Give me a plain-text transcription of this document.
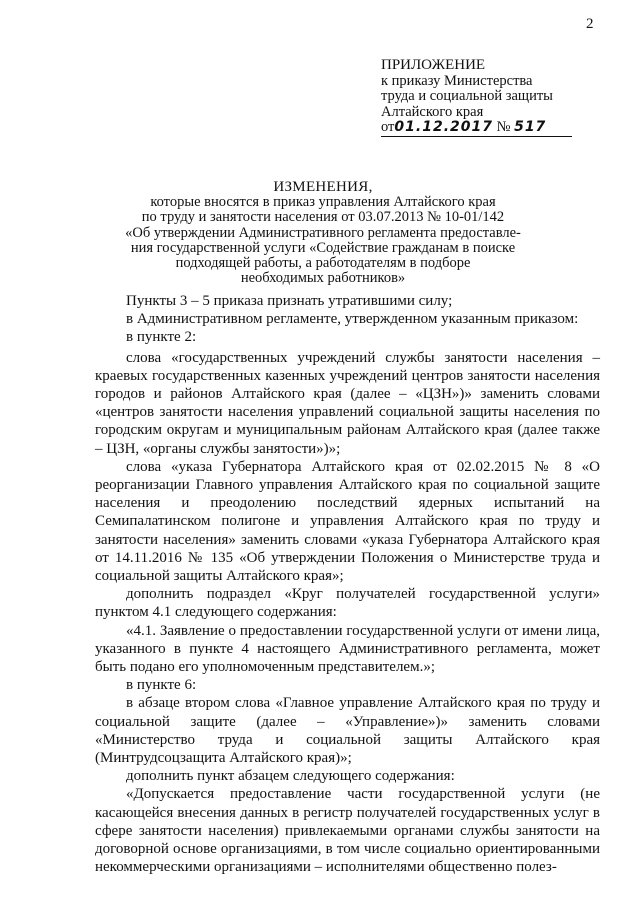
2
ПРИЛОЖЕНИЕ
к приказу Министерства
труда и социальной защиты
Алтайского края
от01.12.2017 № 517
ИЗМЕНЕНИЯ,
которые вносятся в приказ управления Алтайского края
по труду и занятости населения от 03.07.2013 № 10-01/142
«Об утверждении Административного регламента предоставле-
ния государственной услуги «Содействие гражданам в поиске
подходящей работы, а работодателям в подборе
необходимых работников»

Пункты 3 – 5 приказа признать утратившими силу;

в Административном регламенте, утвержденном указанным приказом:

в пункте 2:

слова «государственных учреждений службы занятости населения – краевых государственных казенных учреждений центров занятости населения городов и районов Алтайского края (далее – «ЦЗН»)» заменить словами «центров занятости населения управлений социальной защиты населения по городским округам и муниципальным районам Алтайского края (далее также – ЦЗН, «органы службы занятости»)»;

слова «указа Губернатора Алтайского края от 02.02.2015 № 8 «О реорганизации Главного управления Алтайского края по социальной защите населения и преодолению последствий ядерных испытаний на Семипалатинском полигоне и управления Алтайского края по труду и занятости населения» заменить словами «указа Губернатора Алтайского края от 14.11.2016 № 135 «Об утверждении Положения о Министерстве труда и социальной защиты Алтайского края»;

дополнить подраздел «Круг получателей государственной услуги» пунктом 4.1 следующего содержания:

«4.1. Заявление о предоставлении государственной услуги от имени лица, указанного в пункте 4 настоящего Административного регламента, может быть подано его уполномоченным представителем.»;

в пункте 6:

в абзаце втором слова «Главное управление Алтайского края по труду и социальной защите (далее – «Управление»)» заменить словами «Министерство труда и социальной защиты Алтайского края (Минтрудсоцзащита Алтайского края)»;

дополнить пункт абзацем следующего содержания:

«Допускается предоставление части государственной услуги (не касающейся внесения данных в регистр получателей государственных услуг в сфере занятости населения) привлекаемыми органами службы занятости на договорной основе организациями, в том числе социально ориентированными некоммерческими организациями – исполнителями общественно полез-
